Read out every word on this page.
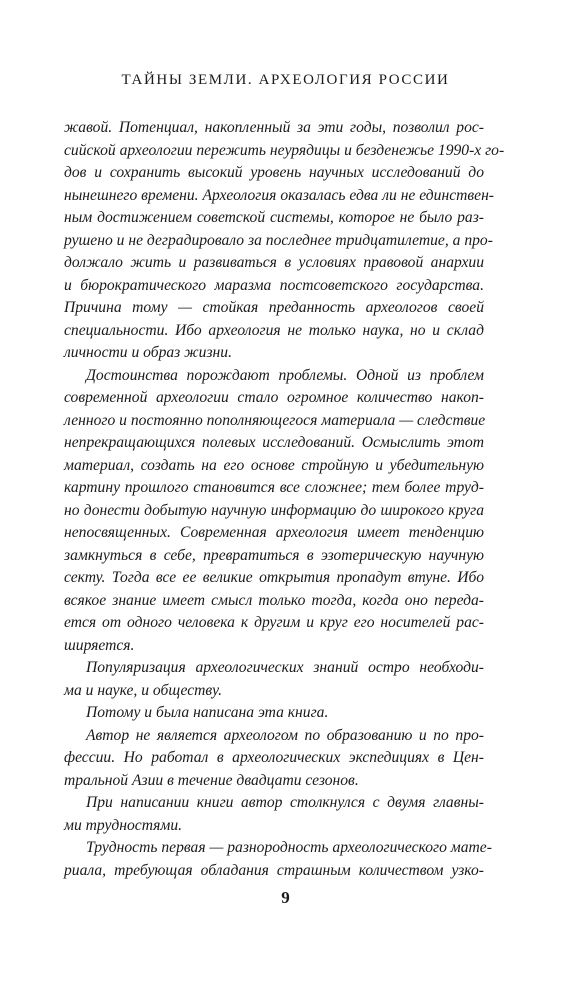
ТАЙНЫ ЗЕМЛИ. АРХЕОЛОГИЯ РОССИИ
жавой. Потенциал, накопленный за эти годы, позволил рос-
сийской археологии пережить неурядицы и безденежье 1990-х го-
дов и сохранить высокий уровень научных исследований до
нынешнего времени. Археология оказалась едва ли не единствен-
ным достижением советской системы, которое не было раз-
рушено и не деградировало за последнее тридцатилетие, а про-
должало жить и развиваться в условиях правовой анархии
и бюрократического маразма постсоветского государства.
Причина тому — стойкая преданность археологов своей
специальности. Ибо археология не только наука, но и склад
личности и образ жизни.
Достоинства порождают проблемы. Одной из проблем
современной археологии стало огромное количество накоп-
ленного и постоянно пополняющегося материала — следствие
непрекращающихся полевых исследований. Осмыслить этот
материал, создать на его основе стройную и убедительную
картину прошлого становится все сложнее; тем более труд-
но донести добытую научную информацию до широкого круга
непосвященных. Современная археология имеет тенденцию
замкнуться в себе, превратиться в эзотерическую научную
секту. Тогда все ее великие открытия пропадут втуне. Ибо
всякое знание имеет смысл только тогда, когда оно переда-
ется от одного человека к другим и круг его носителей рас-
ширяется.
Популяризация археологических знаний остро необходи-
ма и науке, и обществу.
Потому и была написана эта книга.
Автор не является археологом по образованию и по про-
фессии. Но работал в археологических экспедициях в Цен-
тральной Азии в течение двадцати сезонов.
При написании книги автор столкнулся с двумя главны-
ми трудностями.
Трудность первая — разнородность археологического мате-
риала, требующая обладания страшным количеством узко-
9
